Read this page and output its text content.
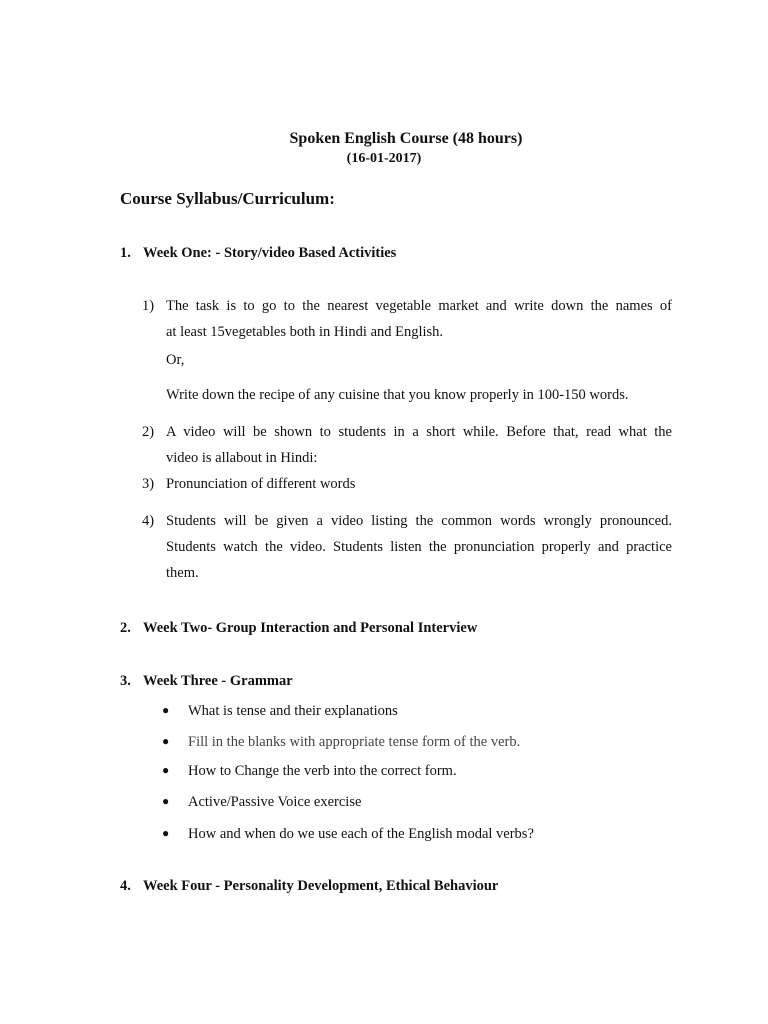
Spoken English Course (48 hours)
(16-01-2017)
Course Syllabus/Curriculum:
1. Week One: - Story/video Based Activities
1) The task is to go to the nearest vegetable market and write down the names of
at least 15vegetables both in Hindi and English.
Or,
Write down the recipe of any cuisine that you know properly in 100-150 words.
2) A video will be shown to students in a short while. Before that, read what the
video is allabout in Hindi:
3) Pronunciation of different words
4) Students will be given a video listing the common words wrongly pronounced.
Students watch the video. Students listen the pronunciation properly and practice
them.
2. Week Two- Group Interaction and Personal Interview
3. Week Three - Grammar
● What is tense and their explanations
● Fill in the blanks with appropriate tense form of the verb.
● How to Change the verb into the correct form.
● Active/Passive Voice exercise
● How and when do we use each of the English modal verbs?
4. Week Four - Personality Development, Ethical Behaviour
